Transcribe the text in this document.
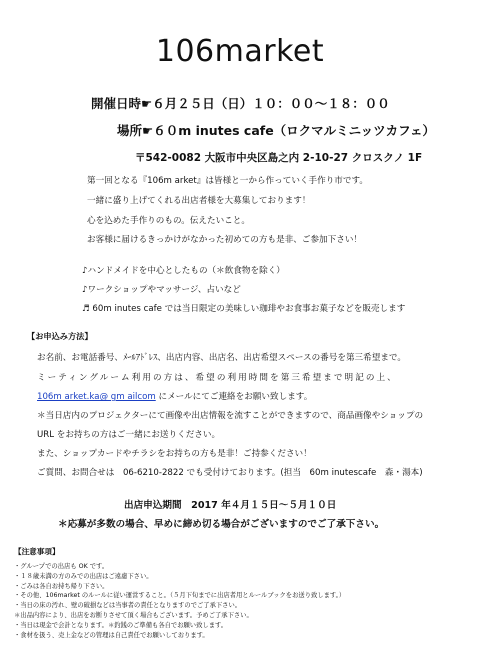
106market
開催日時☛６月２５日（日）１０：００〜１８：００
場所☛６０m inutes cafe（ロクマルミニッツカフェ）
〒542-0082 大阪市中央区島之内 2-10-27 クロスクノ 1F
第一回となる『106m arket』は皆様と一から作っていく手作り市です。
一緒に盛り上げてくれる出店者様を大募集しております！
心を込めた手作りのもの。伝えたいこと。
お客様に届けるきっかけがなかった初めての方も是非、ご参加下さい！
♪ハンドメイドを中心としたもの（＊飲食物を除く）
♪ワークショップやマッサージ、占いなど
♬ 60m inutes cafe では当日限定の美味しい珈琲やお食事お菓子などを販売します
【お申込み方法】
お名前、お電話番号、ﾒｰﾙｱﾄﾞﾚｽ、出店内容、出店名、出店希望スペースの番号を第三希望まで。
ミーティングルーム利用の方は、希望の利用時間を第三希望まで明記の上、
106m arket.ka@ gm ailcom にメールにてご連絡をお願い致します。
＊当日店内のプロジェクターにて画像や出店情報を流すことができますので、商品画像やショップの
URL をお持ちの方はご一緒にお送りください。
また、ショップカードやチラシをお持ちの方も是非！ご持参ください！
ご質問、お問合せは　06-6210-2822 でも受付けております。(担当　60m inutescafe　森・湯本)
出店申込期間　2017 年４月１５日〜５月１０日
＊応募が多数の場合、早めに締め切る場合がございますのでご了承下さい。
【注意事項】
・グループでの出店も OK です。
・１８歳未満の方のみでの出店はご遠慮下さい。
・ごみは各自お持ち帰り下さい。
・その他、106market のルールに従い運営すること。（５月下旬までに出店者用とルールブックをお送り致します。）
・当日の床の汚れ、壁の破損などは当事者の責任となりますのでご了承下さい。
＊出品内容により、出店をお断りさせて頂く場合もございます。予めご了承下さい。
・当日は現金で会計となります。＊釣銭のご準備も各自でお願い致します。
・食材を扱う、売上金などの管理は自己責任でお願いしております。
